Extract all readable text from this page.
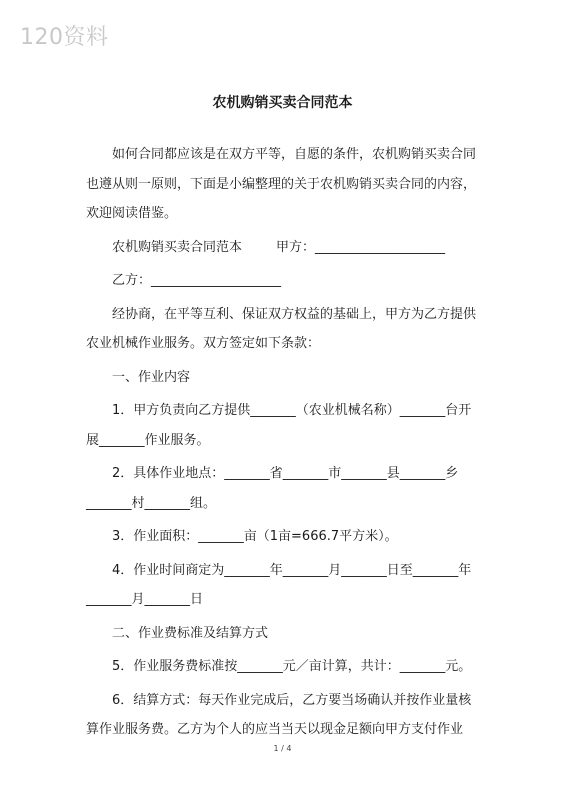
120资料
农机购销买卖合同范本

如何合同都应该是在双方平等，自愿的条件，农机购销买卖合同也遵从则一原则，下面是小编整理的关于农机购销买卖合同的内容，欢迎阅读借鉴。

农机购销买卖合同范本	甲方：____________________

乙方：____________________

经协商，在平等互利、保证双方权益的基础上，甲方为乙方提供农业机械作业服务。双方签定如下条款：

一、作业内容

1．甲方负责向乙方提供_______（农业机械名称）_______台开展_______作业服务。

2．具体作业地点：_______省_______市_______县_______乡_______村_______组。

3．作业面积：_______亩（1亩=666.7平方米）。

4．作业时间商定为_______年_______月_______日至_______年_______月_______日

二、作业费标准及结算方式

5．作业服务费标准按_______元／亩计算，共计：_______元。

6．结算方式：每天作业完成后，乙方要当场确认并按作业量核算作业服务费。乙方为个人的应当当天以现金足额向甲方支付作业

1 / 4
